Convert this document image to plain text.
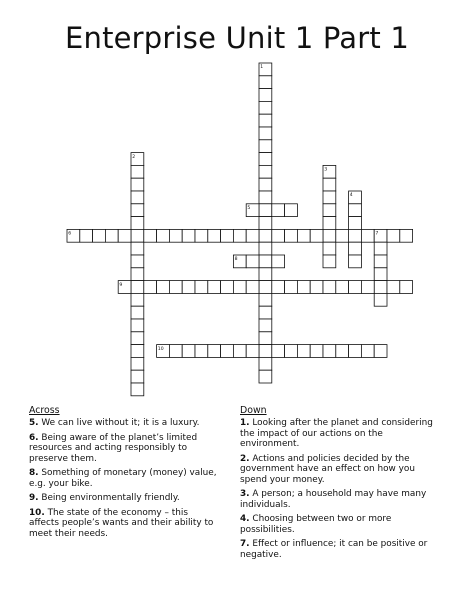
Enterprise Unit 1 Part 1
1
2
3
4
5
6	7
8
9
10
Across
5. We can live without it; it is a luxury.
6. Being aware of the planet’s limited resources and acting responsibly to preserve them.
8. Something of monetary (money) value, e.g. your bike.
9. Being environmentally friendly.
10. The state of the economy – this affects people’s wants and their ability to meet their needs.
Down
1. Looking after the planet and considering the impact of our actions on the environment.
2. Actions and policies decided by the government have an effect on how you spend your money.
3. A person; a household may have many individuals.
4. Choosing between two or more possibilities.
7. Effect or influence; it can be positive or negative.
